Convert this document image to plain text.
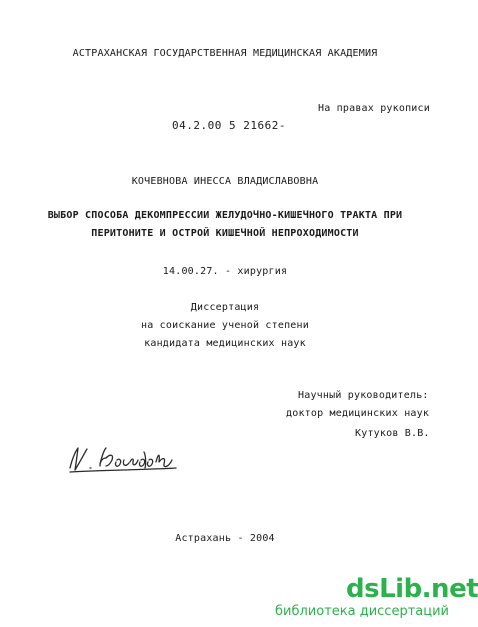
АСТРАХАНСКАЯ ГОСУДАРСТВЕННАЯ МЕДИЦИНСКАЯ АКАДЕМИЯ
На правах рукописи
04.2.00 5 21662-
КОЧЕВНОВА ИНЕССА ВЛАДИСЛАВОВНА
ВЫБОР СПОСОБА ДЕКОМПРЕССИИ ЖЕЛУДОЧНО-КИШЕЧНОГО ТРАКТА ПРИ
ПЕРИТОНИТЕ И ОСТРОЙ КИШЕЧНОЙ НЕПРОХОДИМОСТИ
14.00.27. - хирургия
Диссертация
на соискание ученой степени
кандидата медицинских наук
Научный руководитель:
доктор медицинских наук
Кутуков В.В.
Астрахань - 2004
dsLib.net
библиотека диссертаций
